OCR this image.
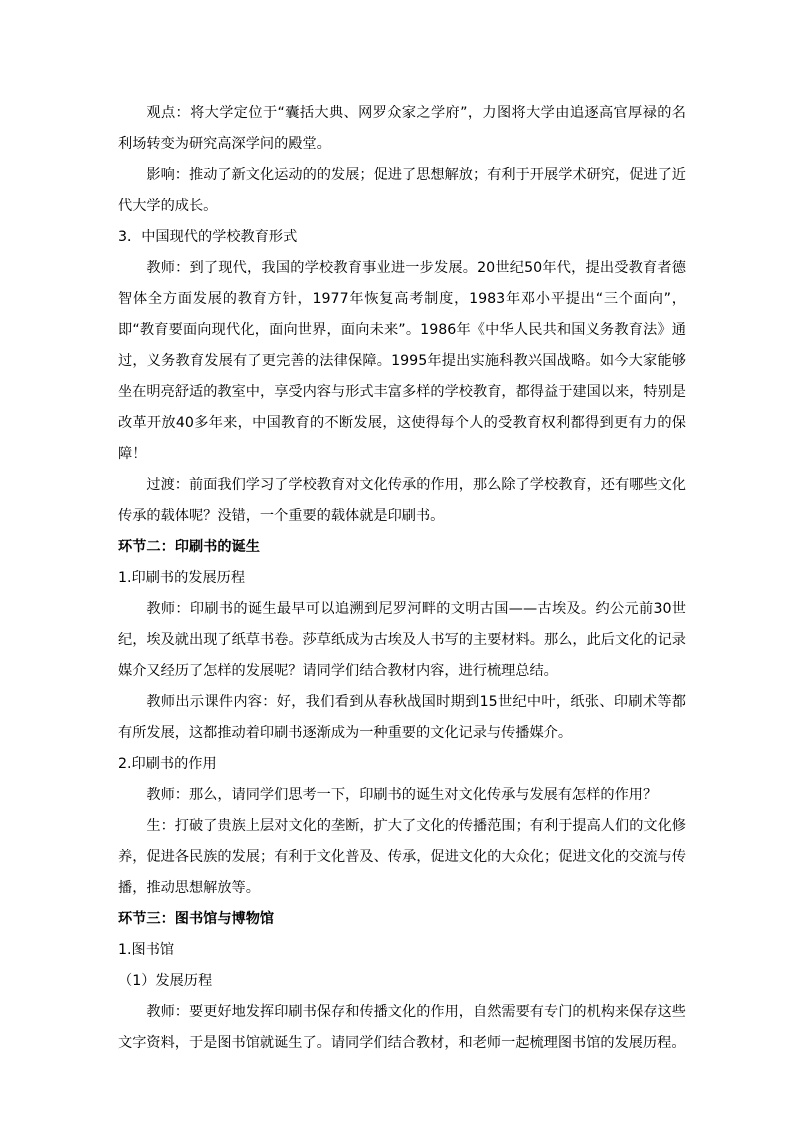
观点：将大学定位于“囊括大典、网罗众家之学府”，力图将大学由追逐高官厚禄的名利场转变为研究高深学问的殿堂。

影响：推动了新文化运动的的发展；促进了思想解放；有利于开展学术研究，促进了近代大学的成长。

3．中国现代的学校教育形式

教师：到了现代，我国的学校教育事业进一步发展。20世纪50年代，提出受教育者德智体全方面发展的教育方针，1977年恢复高考制度，1983年邓小平提出“三个面向”，即“教育要面向现代化，面向世界，面向未来”。1986年《中华人民共和国义务教育法》通过，义务教育发展有了更完善的法律保障。1995年提出实施科教兴国战略。如今大家能够坐在明亮舒适的教室中，享受内容与形式丰富多样的学校教育，都得益于建国以来，特别是改革开放40多年来，中国教育的不断发展，这使得每个人的受教育权利都得到更有力的保障！

过渡：前面我们学习了学校教育对文化传承的作用，那么除了学校教育，还有哪些文化传承的载体呢？没错，一个重要的载体就是印刷书。

环节二：印刷书的诞生

1.印刷书的发展历程

教师：印刷书的诞生最早可以追溯到尼罗河畔的文明古国——古埃及。约公元前30世纪，埃及就出现了纸草书卷。莎草纸成为古埃及人书写的主要材料。那么，此后文化的记录媒介又经历了怎样的发展呢？请同学们结合教材内容，进行梳理总结。

教师出示课件内容：好，我们看到从春秋战国时期到15世纪中叶，纸张、印刷术等都有所发展，这都推动着印刷书逐渐成为一种重要的文化记录与传播媒介。

2.印刷书的作用

教师：那么，请同学们思考一下，印刷书的诞生对文化传承与发展有怎样的作用？

生：打破了贵族上层对文化的垄断，扩大了文化的传播范围；有利于提高人们的文化修养，促进各民族的发展；有利于文化普及、传承，促进文化的大众化；促进文化的交流与传播，推动思想解放等。

环节三：图书馆与博物馆

1.图书馆

（1）发展历程

教师：要更好地发挥印刷书保存和传播文化的作用，自然需要有专门的机构来保存这些文字资料，于是图书馆就诞生了。请同学们结合教材，和老师一起梳理图书馆的发展历程。
